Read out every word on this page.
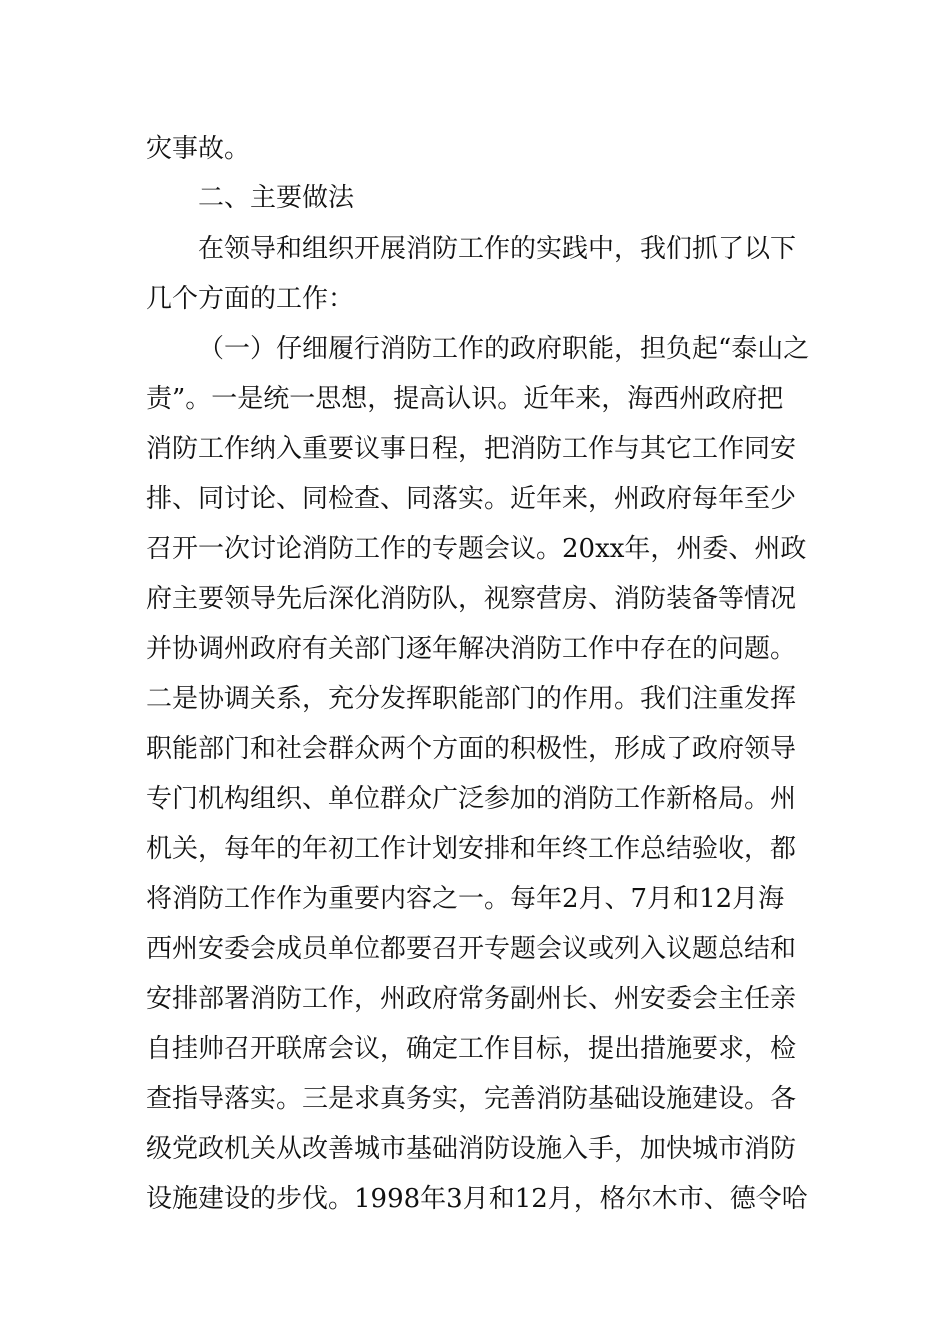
灾事故。
二、主要做法
在领导和组织开展消防工作的实践中，我们抓了以下
几个方面的工作：
（一）仔细履行消防工作的政府职能，担负起“泰山之
责”。一是统一思想，提高认识。近年来，海西州政府把
消防工作纳入重要议事日程，把消防工作与其它工作同安
排、同讨论、同检查、同落实。近年来，州政府每年至少
召开一次讨论消防工作的专题会议。20xx年，州委、州政
府主要领导先后深化消防队，视察营房、消防装备等情况
并协调州政府有关部门逐年解决消防工作中存在的问题。
二是协调关系，充分发挥职能部门的作用。我们注重发挥
职能部门和社会群众两个方面的积极性，形成了政府领导
专门机构组织、单位群众广泛参加的消防工作新格局。州
机关，每年的年初工作计划安排和年终工作总结验收，都
将消防工作作为重要内容之一。每年2月、7月和12月海
西州安委会成员单位都要召开专题会议或列入议题总结和
安排部署消防工作，州政府常务副州长、州安委会主任亲
自挂帅召开联席会议，确定工作目标，提出措施要求，检
查指导落实。三是求真务实，完善消防基础设施建设。各
级党政机关从改善城市基础消防设施入手，加快城市消防
设施建设的步伐。1998年3月和12月，格尔木市、德令哈
